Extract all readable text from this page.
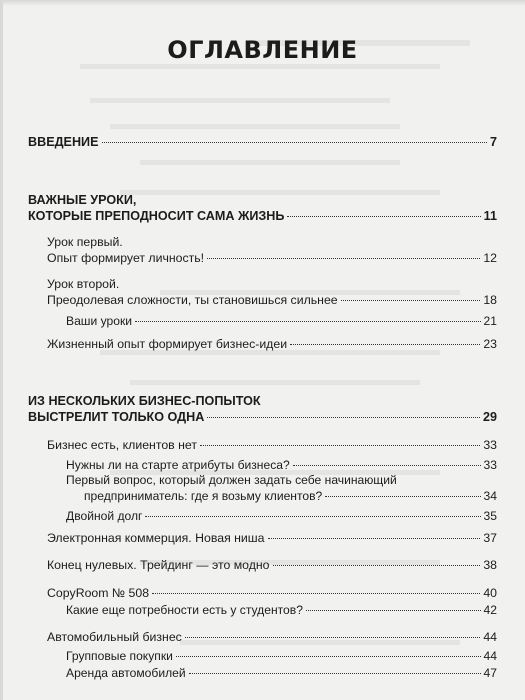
ОГЛАВЛЕНИЕ
ВВЕДЕНИЕ	7
ВАЖНЫЕ УРОКИ,
КОТОРЫЕ ПРЕПОДНОСИТ САМА ЖИЗНЬ	11
Урок первый.
Опыт формирует личность!	12
Урок второй.
Преодолевая сложности, ты становишься сильнее	18
Ваши уроки	21
Жизненный опыт формирует бизнес-идеи	23
ИЗ НЕСКОЛЬКИХ БИЗНЕС-ПОПЫТОК
ВЫСТРЕЛИТ ТОЛЬКО ОДНА	29
Бизнес есть, клиентов нет	33
Нужны ли на старте атрибуты бизнеса?	33
Первый вопрос, который должен задать себе начинающий
предприниматель: где я возьму клиентов?	34
Двойной долг	35
Электронная коммерция. Новая ниша	37
Конец нулевых. Трейдинг — это модно	38
CopyRoom № 508	40
Какие еще потребности есть у студентов?	42
Автомобильный бизнес	44
Групповые покупки	44
Аренда автомобилей	47
